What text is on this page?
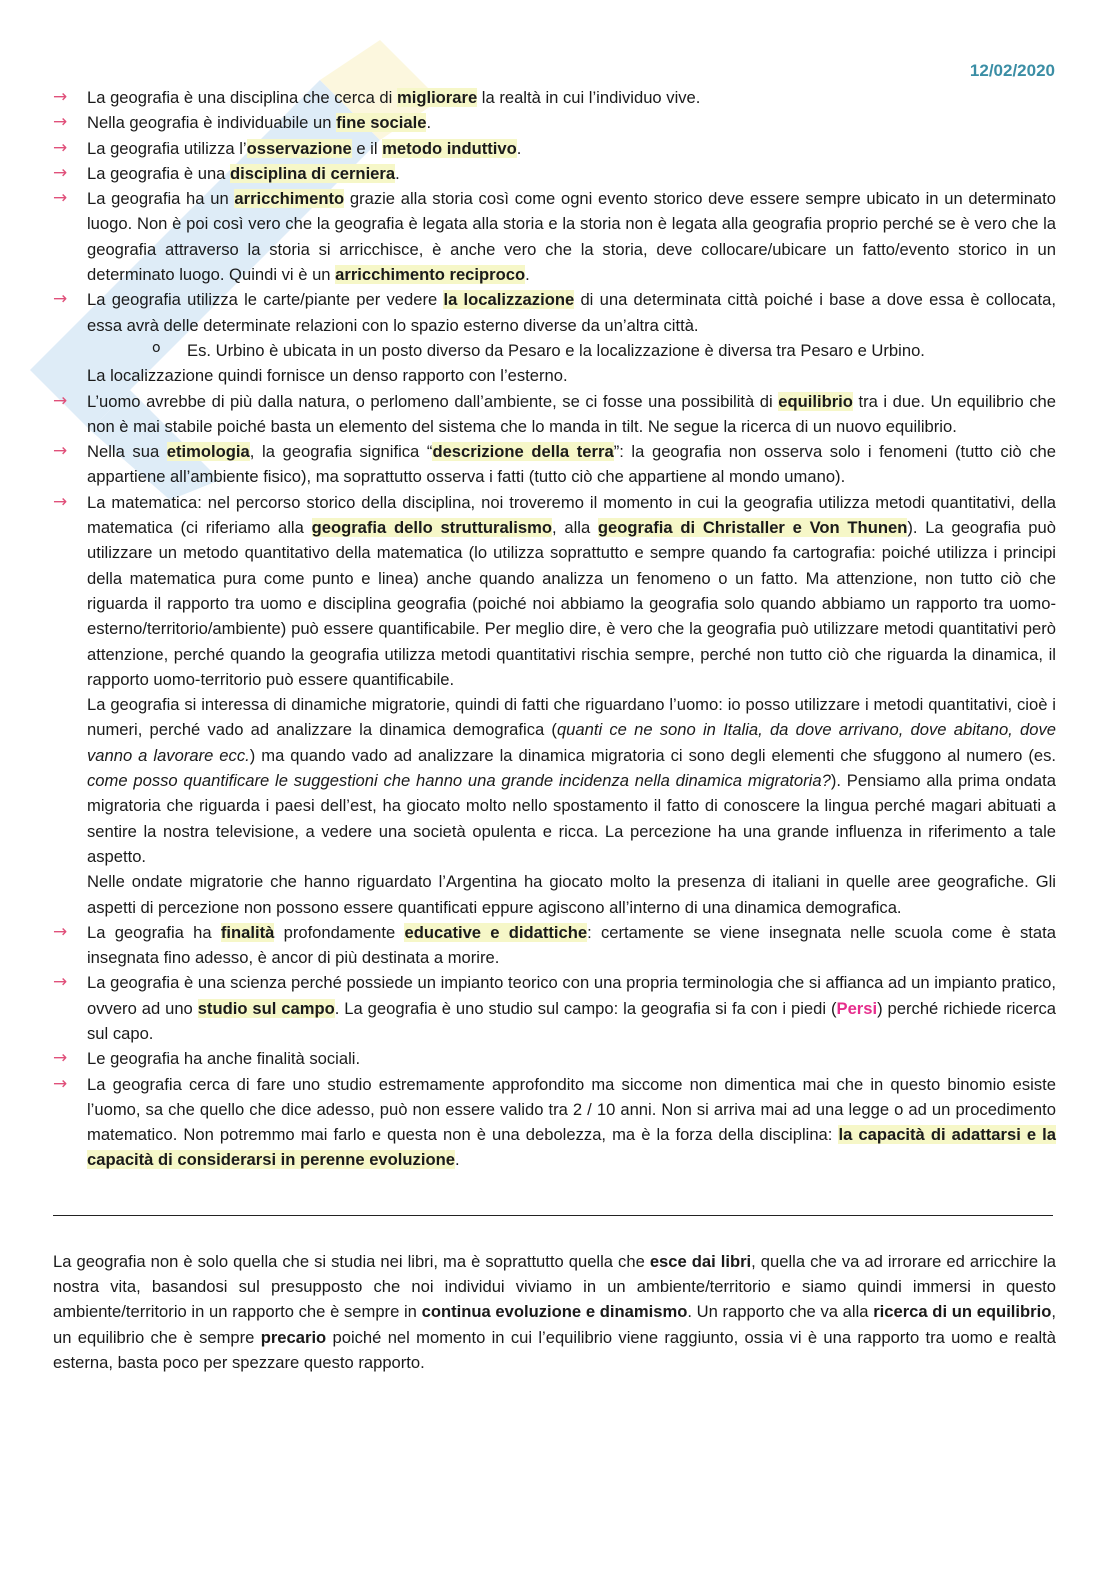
12/02/2020
→ La geografia è una disciplina che cerca di migliorare la realtà in cui l’individuo vive.
→ Nella geografia è individuabile un fine sociale.
→ La geografia utilizza l’osservazione e il metodo induttivo.
→ La geografia è una disciplina di cerniera.
→ La geografia ha un arricchimento grazie alla storia così come ogni evento storico deve essere sempre ubicato in un determinato luogo. Non è poi così vero che la geografia è legata alla storia e la storia non è legata alla geografia proprio perché se è vero che la geografia attraverso la storia si arricchisce, è anche vero che la storia, deve collocare/ubicare un fatto/evento storico in un determinato luogo. Quindi vi è un arricchimento reciproco.
→ La geografia utilizza le carte/piante per vedere la localizzazione di una determinata città poiché i base a dove essa è collocata, essa avrà delle determinate relazioni con lo spazio esterno diverse da un’altra città.

o Es. Urbino è ubicata in un posto diverso da Pesaro e la localizzazione è diversa tra Pesaro e Urbino.

La localizzazione quindi fornisce un denso rapporto con l’esterno.

→ L’uomo avrebbe di più dalla natura, o perlomeno dall’ambiente, se ci fosse una possibilità di equilibrio tra i due. Un equilibrio che non è mai stabile poiché basta un elemento del sistema che lo manda in tilt. Ne segue la ricerca di un nuovo equilibrio.
→ Nella sua etimologia, la geografia significa “descrizione della terra”: la geografia non osserva solo i fenomeni (tutto ciò che appartiene all’ambiente fisico), ma soprattutto osserva i fatti (tutto ciò che appartiene al mondo umano).
→ La matematica: nel percorso storico della disciplina, noi troveremo il momento in cui la geografia utilizza metodi quantitativi, della matematica (ci riferiamo alla geografia dello strutturalismo, alla geografia di Christaller e Von Thunen). La geografia può utilizzare un metodo quantitativo della matematica (lo utilizza soprattutto e sempre quando fa cartografia: poiché utilizza i principi della matematica pura come punto e linea) anche quando analizza un fenomeno o un fatto. Ma attenzione, non tutto ciò che riguarda il rapporto tra uomo e disciplina geografia (poiché noi abbiamo la geografia solo quando abbiamo un rapporto tra uomo-esterno/territorio/ambiente) può essere quantificabile. Per meglio dire, è vero che la geografia può utilizzare metodi quantitativi però attenzione, perché quando la geografia utilizza metodi quantitativi rischia sempre, perché non tutto ciò che riguarda la dinamica, il rapporto uomo-territorio può essere quantificabile.

La geografia si interessa di dinamiche migratorie, quindi di fatti che riguardano l’uomo: io posso utilizzare i metodi quantitativi, cioè i numeri, perché vado ad analizzare la dinamica demografica (quanti ce ne sono in Italia, da dove arrivano, dove abitano, dove vanno a lavorare ecc.) ma quando vado ad analizzare la dinamica migratoria ci sono degli elementi che sfuggono al numero (es. come posso quantificare le suggestioni che hanno una grande incidenza nella dinamica migratoria?). Pensiamo alla prima ondata migratoria che riguarda i paesi dell’est, ha giocato molto nello spostamento il fatto di conoscere la lingua perché magari abituati a sentire la nostra televisione, a vedere una società opulenta e ricca. La percezione ha una grande influenza in riferimento a tale aspetto.

Nelle ondate migratorie che hanno riguardato l’Argentina ha giocato molto la presenza di italiani in quelle aree geografiche. Gli aspetti di percezione non possono essere quantificati eppure agiscono all’interno di una dinamica demografica.

→ La geografia ha finalità profondamente educative e didattiche: certamente se viene insegnata nelle scuola come è stata insegnata fino adesso, è ancor di più destinata a morire.
→ La geografia è una scienza perché possiede un impianto teorico con una propria terminologia che si affianca ad un impianto pratico, ovvero ad uno studio sul campo. La geografia è uno studio sul campo: la geografia si fa con i piedi (Persi) perché richiede ricerca sul capo.
→ Le geografia ha anche finalità sociali.
→ La geografia cerca di fare uno studio estremamente approfondito ma siccome non dimentica mai che in questo binomio esiste l’uomo, sa che quello che dice adesso, può non essere valido tra 2 / 10 anni. Non si arriva mai ad una legge o ad un procedimento matematico. Non potremmo mai farlo e questa non è una debolezza, ma è la forza della disciplina: la capacità di adattarsi e la capacità di considerarsi in perenne evoluzione.

La geografia non è solo quella che si studia nei libri, ma è soprattutto quella che esce dai libri, quella che va ad irrorare ed arricchire la nostra vita, basandosi sul presupposto che noi individui viviamo in un ambiente/territorio e siamo quindi immersi in questo ambiente/territorio in un rapporto che è sempre in continua evoluzione e dinamismo. Un rapporto che va alla ricerca di un equilibrio, un equilibrio che è sempre precario poiché nel momento in cui l’equilibrio viene raggiunto, ossia vi è una rapporto tra uomo e realtà esterna, basta poco per spezzare questo rapporto.
